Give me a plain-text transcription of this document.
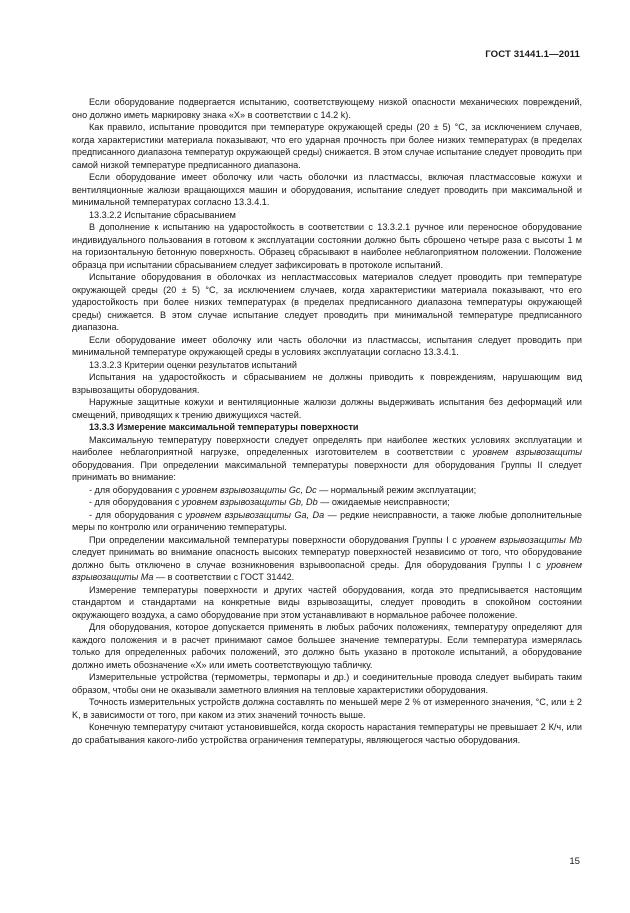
ГОСТ 31441.1—2011

Если оборудование подвергается испытанию, соответствующему низкой опасности механических повреждений, оно должно иметь маркировку знака «X» в соответствии с 14.2 k).

Как правило, испытание проводится при температуре окружающей среды (20 ± 5) °С, за исключением случаев, когда характеристики материала показывают, что его ударная прочность при более низких температурах (в пределах предписанного диапазона температур окружающей среды) снижается. В этом случае испытание следует проводить при самой низкой температуре предписанного диапазона.

Если оборудование имеет оболочку или часть оболочки из пластмассы, включая пластмассовые кожухи и вентиляционные жалюзи вращающихся машин и оборудования, испытание следует проводить при максимальной и минимальной температурах согласно 13.3.4.1.

13.3.2.2 Испытание сбрасыванием

В дополнение к испытанию на ударостойкость в соответствии с 13.3.2.1 ручное или переносное оборудование индивидуального пользования в готовом к эксплуатации состоянии должно быть сброшено четыре раза с высоты 1 м на горизонтальную бетонную поверхность. Образец сбрасывают в наиболее неблагоприятном положении. Положение образца при испытании сбрасыванием следует зафиксировать в протоколе испытаний.

Испытание оборудования в оболочках из непластмассовых материалов следует проводить при температуре окружающей среды (20 ± 5) °С, за исключением случаев, когда характеристики материала показывают, что его ударостойкость при более низких температурах (в пределах предписанного диапазона температуры окружающей среды) снижается. В этом случае испытание следует проводить при минимальной температуре предписанного диапазона.

Если оборудование имеет оболочку или часть оболочки из пластмассы, испытания следует проводить при минимальной температуре окружающей среды в условиях эксплуатации согласно 13.3.4.1.

13.3.2.3 Критерии оценки результатов испытаний

Испытания на ударостойкость и сбрасыванием не должны приводить к повреждениям, нарушающим вид взрывозащиты оборудования.

Наружные защитные кожухи и вентиляционные жалюзи должны выдерживать испытания без деформаций или смещений, приводящих к трению движущихся частей.

13.3.3 Измерение максимальной температуры поверхности

Максимальную температуру поверхности следует определять при наиболее жестких условиях эксплуатации и наиболее неблагоприятной нагрузке, определенных изготовителем в соответствии с уровнем взрывозащиты оборудования. При определении максимальной температуры поверхности для оборудования Группы II следует принимать во внимание:

- для оборудования с уровнем взрывозащиты Gc, Dc — нормальный режим эксплуатации;

- для оборудования с уровнем взрывозащиты Gb, Db — ожидаемые неисправности;

- для оборудования с уровнем взрывозащиты Ga, Da — редкие неисправности, а также любые дополнительные меры по контролю или ограничению температуры.

При определении максимальной температуры поверхности оборудования Группы I с уровнем взрывозащиты Mb следует принимать во внимание опасность высоких температур поверхностей независимо от того, что оборудование должно быть отключено в случае возникновения взрывоопасной среды. Для оборудования Группы I с уровнем взрывозащиты Ma — в соответствии с ГОСТ 31442.

Измерение температуры поверхности и других частей оборудования, когда это предписывается настоящим стандартом и стандартами на конкретные виды взрывозащиты, следует проводить в спокойном состоянии окружающего воздуха, а само оборудование при этом устанавливают в нормальное рабочее положение.

Для оборудования, которое допускается применять в любых рабочих положениях, температуру определяют для каждого положения и в расчет принимают самое большее значение температуры. Если температура измерялась только для определенных рабочих положений, это должно быть указано в протоколе испытаний, а оборудование должно иметь обозначение «X» или иметь соответствующую табличку.

Измерительные устройства (термометры, термопары и др.) и соединительные провода следует выбирать таким образом, чтобы они не оказывали заметного влияния на тепловые характеристики оборудования.

Точность измерительных устройств должна составлять по меньшей мере 2 % от измеренного значения, °С, или ± 2 K, в зависимости от того, при каком из этих значений точность выше.

Конечную температуру считают установившейся, когда скорость нарастания температуры не превышает 2 К/ч, или до срабатывания какого-либо устройства ограничения температуры, являющегося частью оборудования.

15
